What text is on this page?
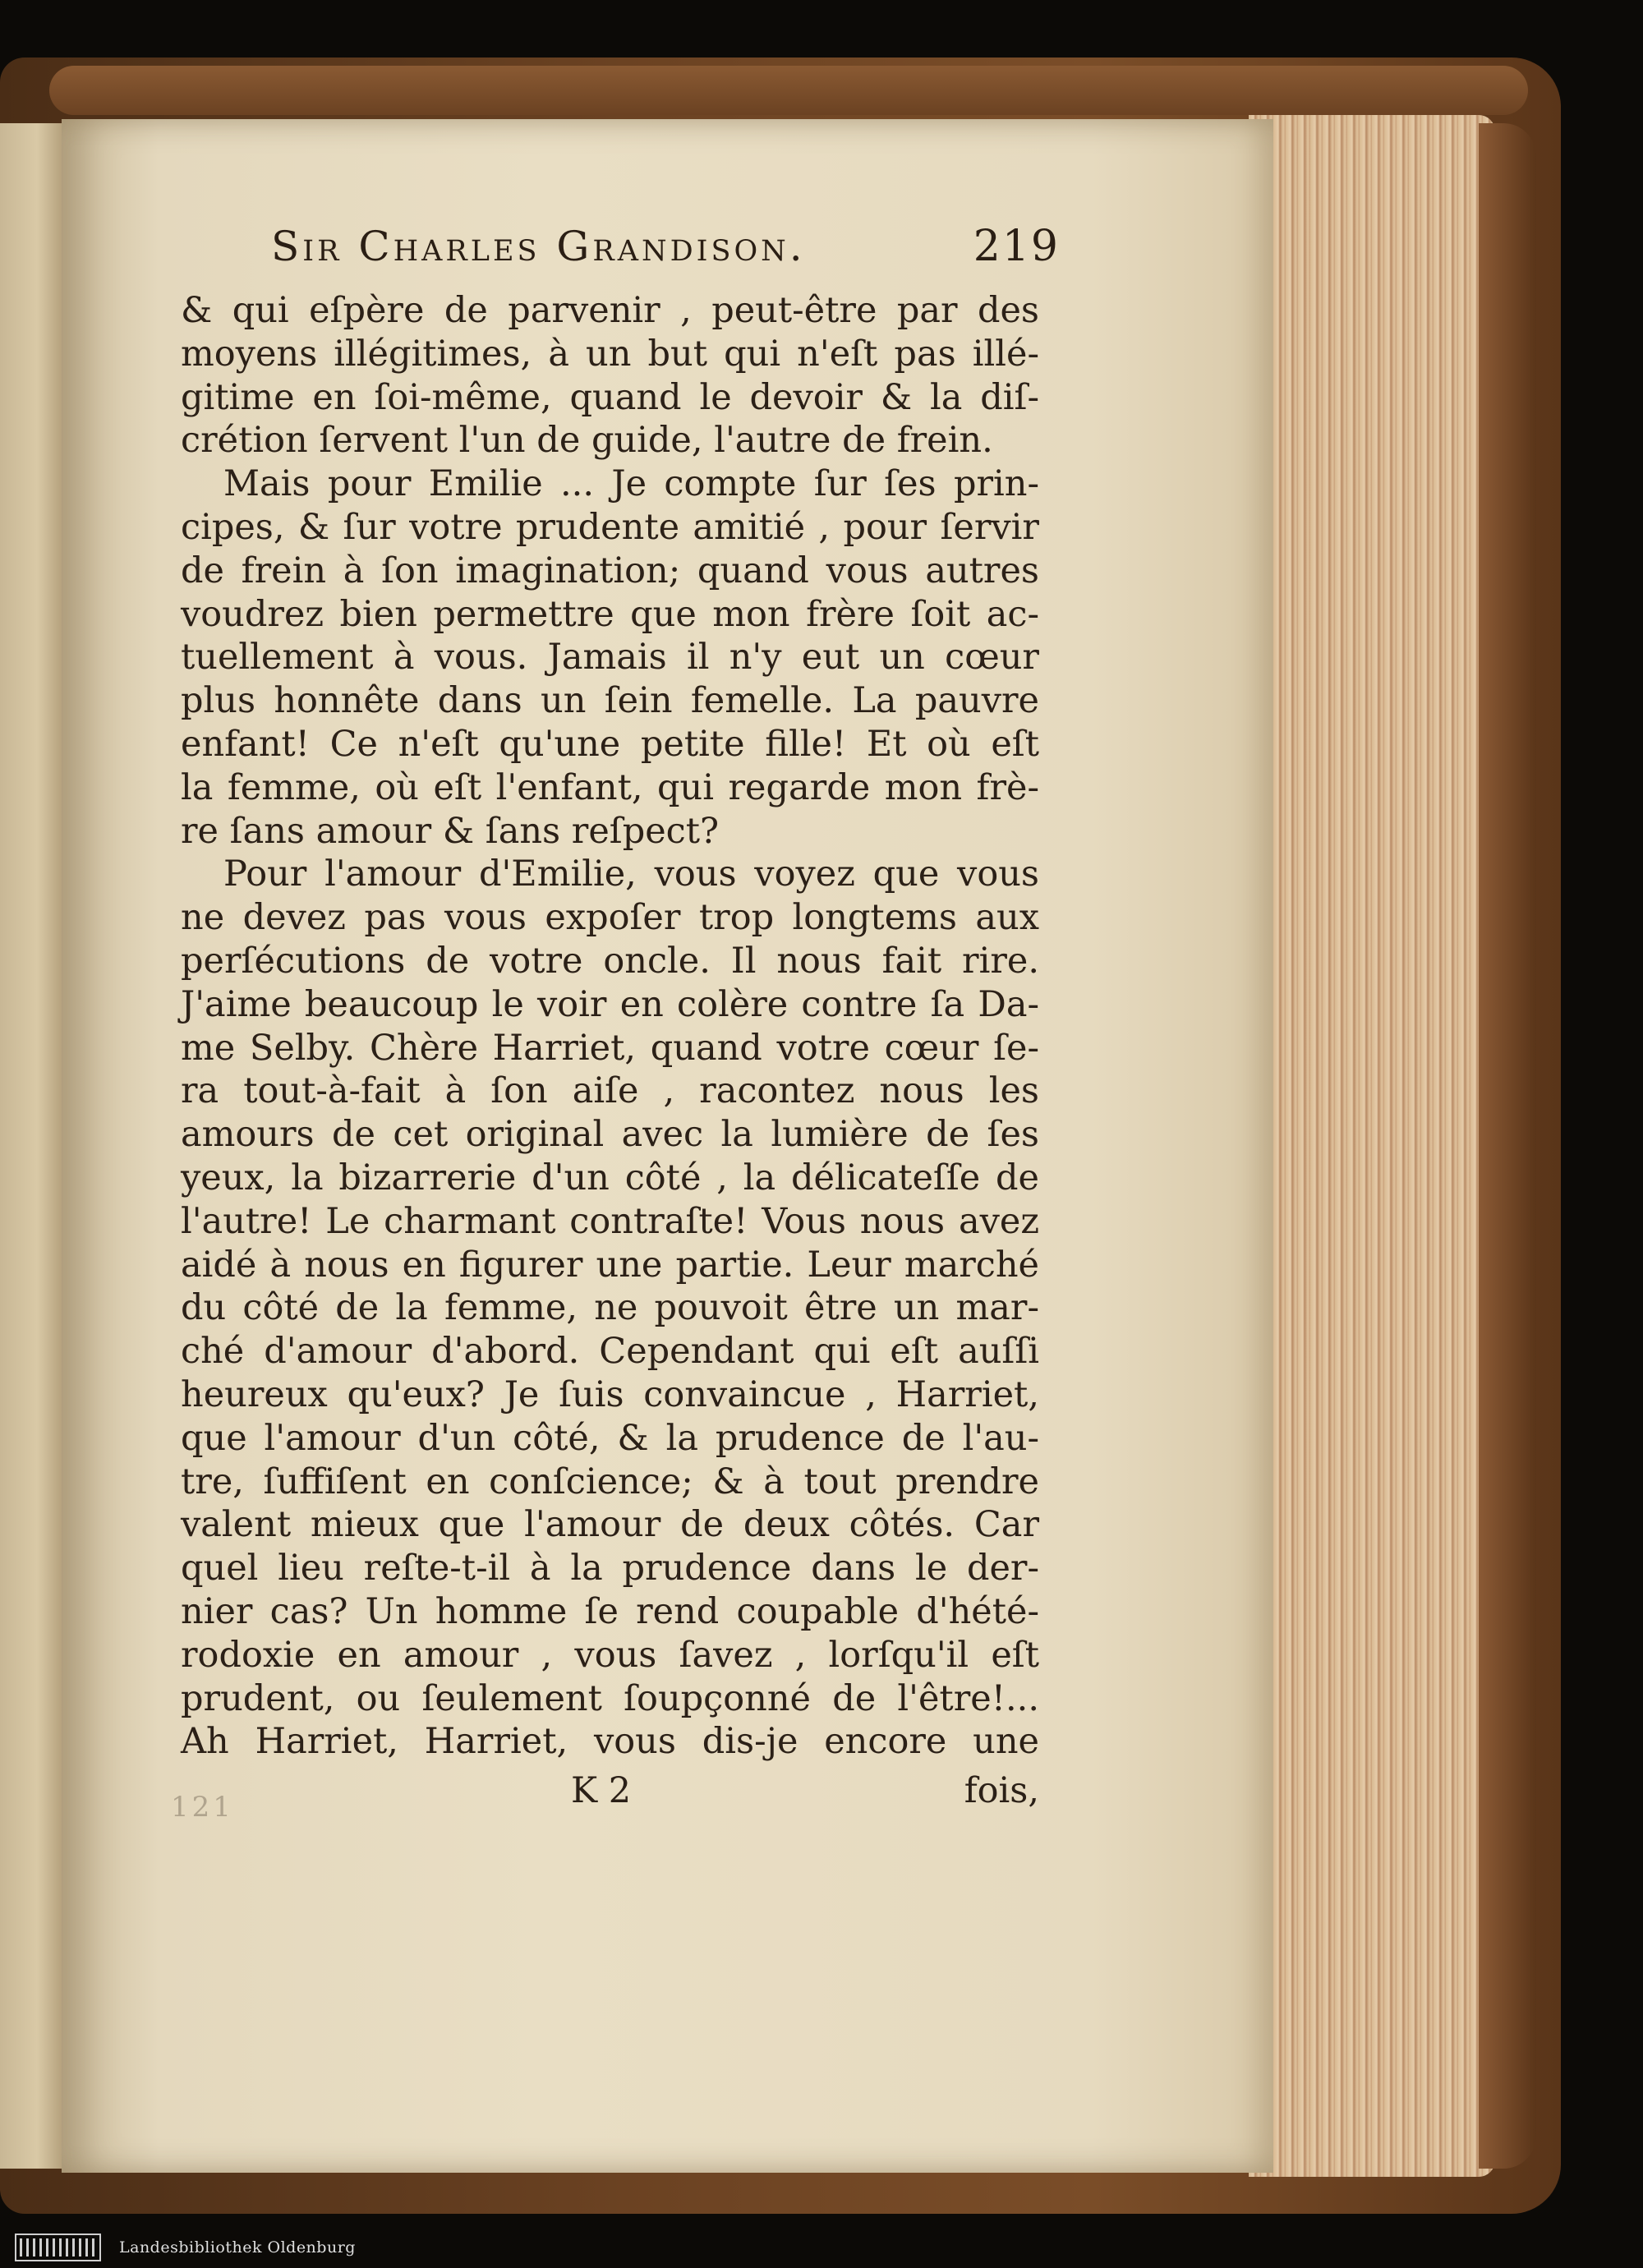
Sir Charles Grandison.	219
& qui eſpère de parvenir , peut-être par des
moyens illégitimes, à un but qui n'eſt pas illé-
gitime en ſoi-même, quand le devoir & la diſ-
crétion ſervent l'un de guide, l'autre de frein.
Mais pour Emilie ... Je compte ſur ſes prin-
cipes, & ſur votre prudente amitié , pour ſervir
de frein à ſon imagination; quand vous autres
voudrez bien permettre que mon frère ſoit ac-
tuellement à vous. Jamais il n'y eut un cœur
plus honnête dans un ſein femelle. La pauvre
enfant! Ce n'eſt qu'une petite fille! Et où eſt
la femme, où eſt l'enfant, qui regarde mon frè-
re ſans amour & ſans reſpect?
Pour l'amour d'Emilie, vous voyez que vous
ne devez pas vous expoſer trop longtems aux
perſécutions de votre oncle. Il nous fait rire.
J'aime beaucoup le voir en colère contre ſa Da-
me Selby. Chère Harriet, quand votre cœur ſe-
ra tout-à-fait à ſon aiſe , racontez nous les
amours de cet original avec la lumière de ſes
yeux, la bizarrerie d'un côté , la délicateſſe de
l'autre! Le charmant contraſte! Vous nous avez
aidé à nous en figurer une partie. Leur marché
du côté de la femme, ne pouvoit être un mar-
ché d'amour d'abord. Cependant qui eſt auſſi
heureux qu'eux? Je ſuis convaincue , Harriet,
que l'amour d'un côté, & la prudence de l'au-
tre, ſuffiſent en conſcience; & à tout prendre
valent mieux que l'amour de deux côtés. Car
quel lieu reſte-t-il à la prudence dans le der-
nier cas? Un homme ſe rend coupable d'hété-
rodoxie en amour , vous ſavez , lorſqu'il eſt
prudent, ou ſeulement ſoupçonné de l'être!...
Ah Harriet, Harriet, vous dis-je encore une
K 2	fois,
121
Landesbibliothek Oldenburg
